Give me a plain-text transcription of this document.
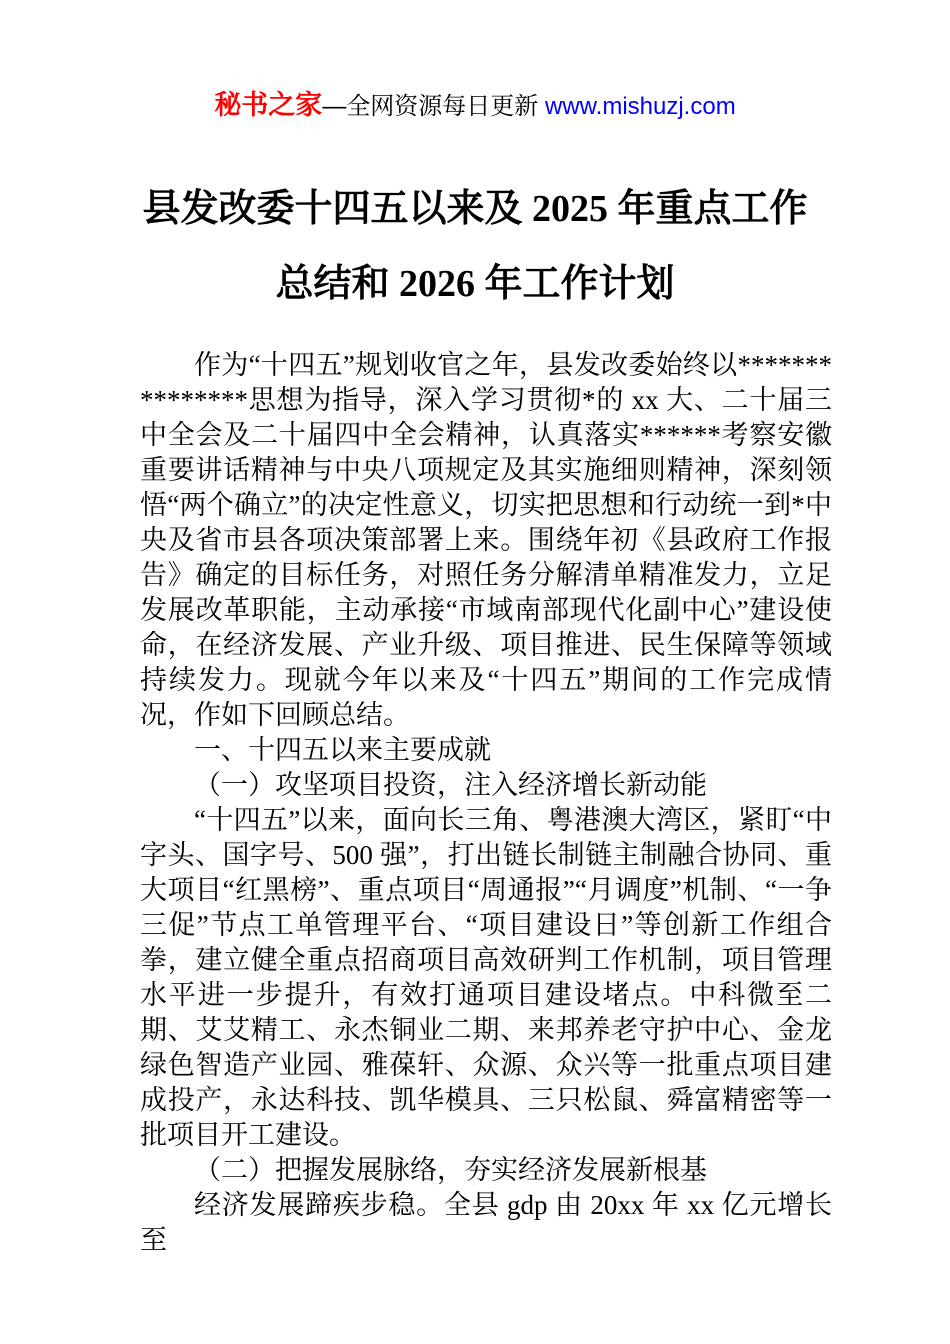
秘书之家—全网资源每日更新 www.mishuzj.com
县发改委十四五以来及 2025 年重点工作
总结和 2026 年工作计划

作为“十四五”规划收官之年，县发改委始终以***************思想为指导，深入学习贯彻*的 xx 大、二十届三中全会及二十届四中全会精神，认真落实******考察安徽重要讲话精神与中央八项规定及其实施细则精神，深刻领悟“两个确立”的决定性意义，切实把思想和行动统一到*中央及省市县各项决策部署上来。围绕年初《县政府工作报告》确定的目标任务，对照任务分解清单精准发力，立足发展改革职能，主动承接“市域南部现代化副中心”建设使命，在经济发展、产业升级、项目推进、民生保障等领域持续发力。现就今年以来及“十四五”期间的工作完成情况，作如下回顾总结。

一、十四五以来主要成就

（一）攻坚项目投资，注入经济增长新动能

“十四五”以来，面向长三角、粤港澳大湾区，紧盯“中字头、国字号、500 强”，打出链长制链主制融合协同、重大项目“红黑榜”、重点项目“周通报”“月调度”机制、“一争三促”节点工单管理平台、“项目建设日”等创新工作组合拳，建立健全重点招商项目高效研判工作机制，项目管理水平进一步提升，有效打通项目建设堵点。中科微至二期、艾艾精工、永杰铜业二期、来邦养老守护中心、金龙绿色智造产业园、雅葆轩、众源、众兴等一批重点项目建成投产，永达科技、凯华模具、三只松鼠、舜富精密等一批项目开工建设。

（二）把握发展脉络，夯实经济发展新根基

经济发展蹄疾步稳。全县 gdp 由 20xx 年 xx 亿元增长至
